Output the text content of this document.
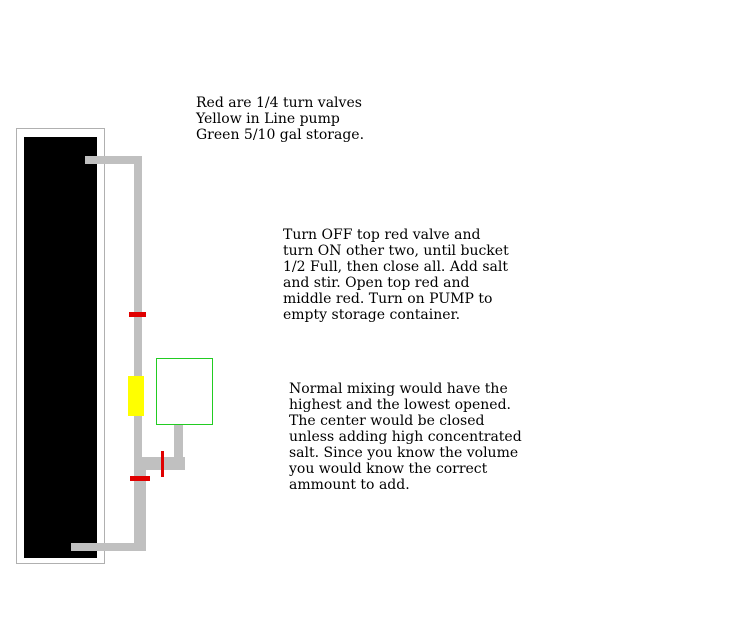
Red are 1/4 turn valves
Yellow in Line pump
Green 5/10 gal storage.
Turn OFF top red valve and
turn ON other two, until bucket
1/2 Full, then close all. Add salt
and stir. Open top red and
middle red. Turn on PUMP to
empty storage container.
Normal mixing would have the
highest and the lowest opened.
The center would be closed
unless adding high concentrated
salt. Since you know the volume
you would know the correct
ammount to add.
